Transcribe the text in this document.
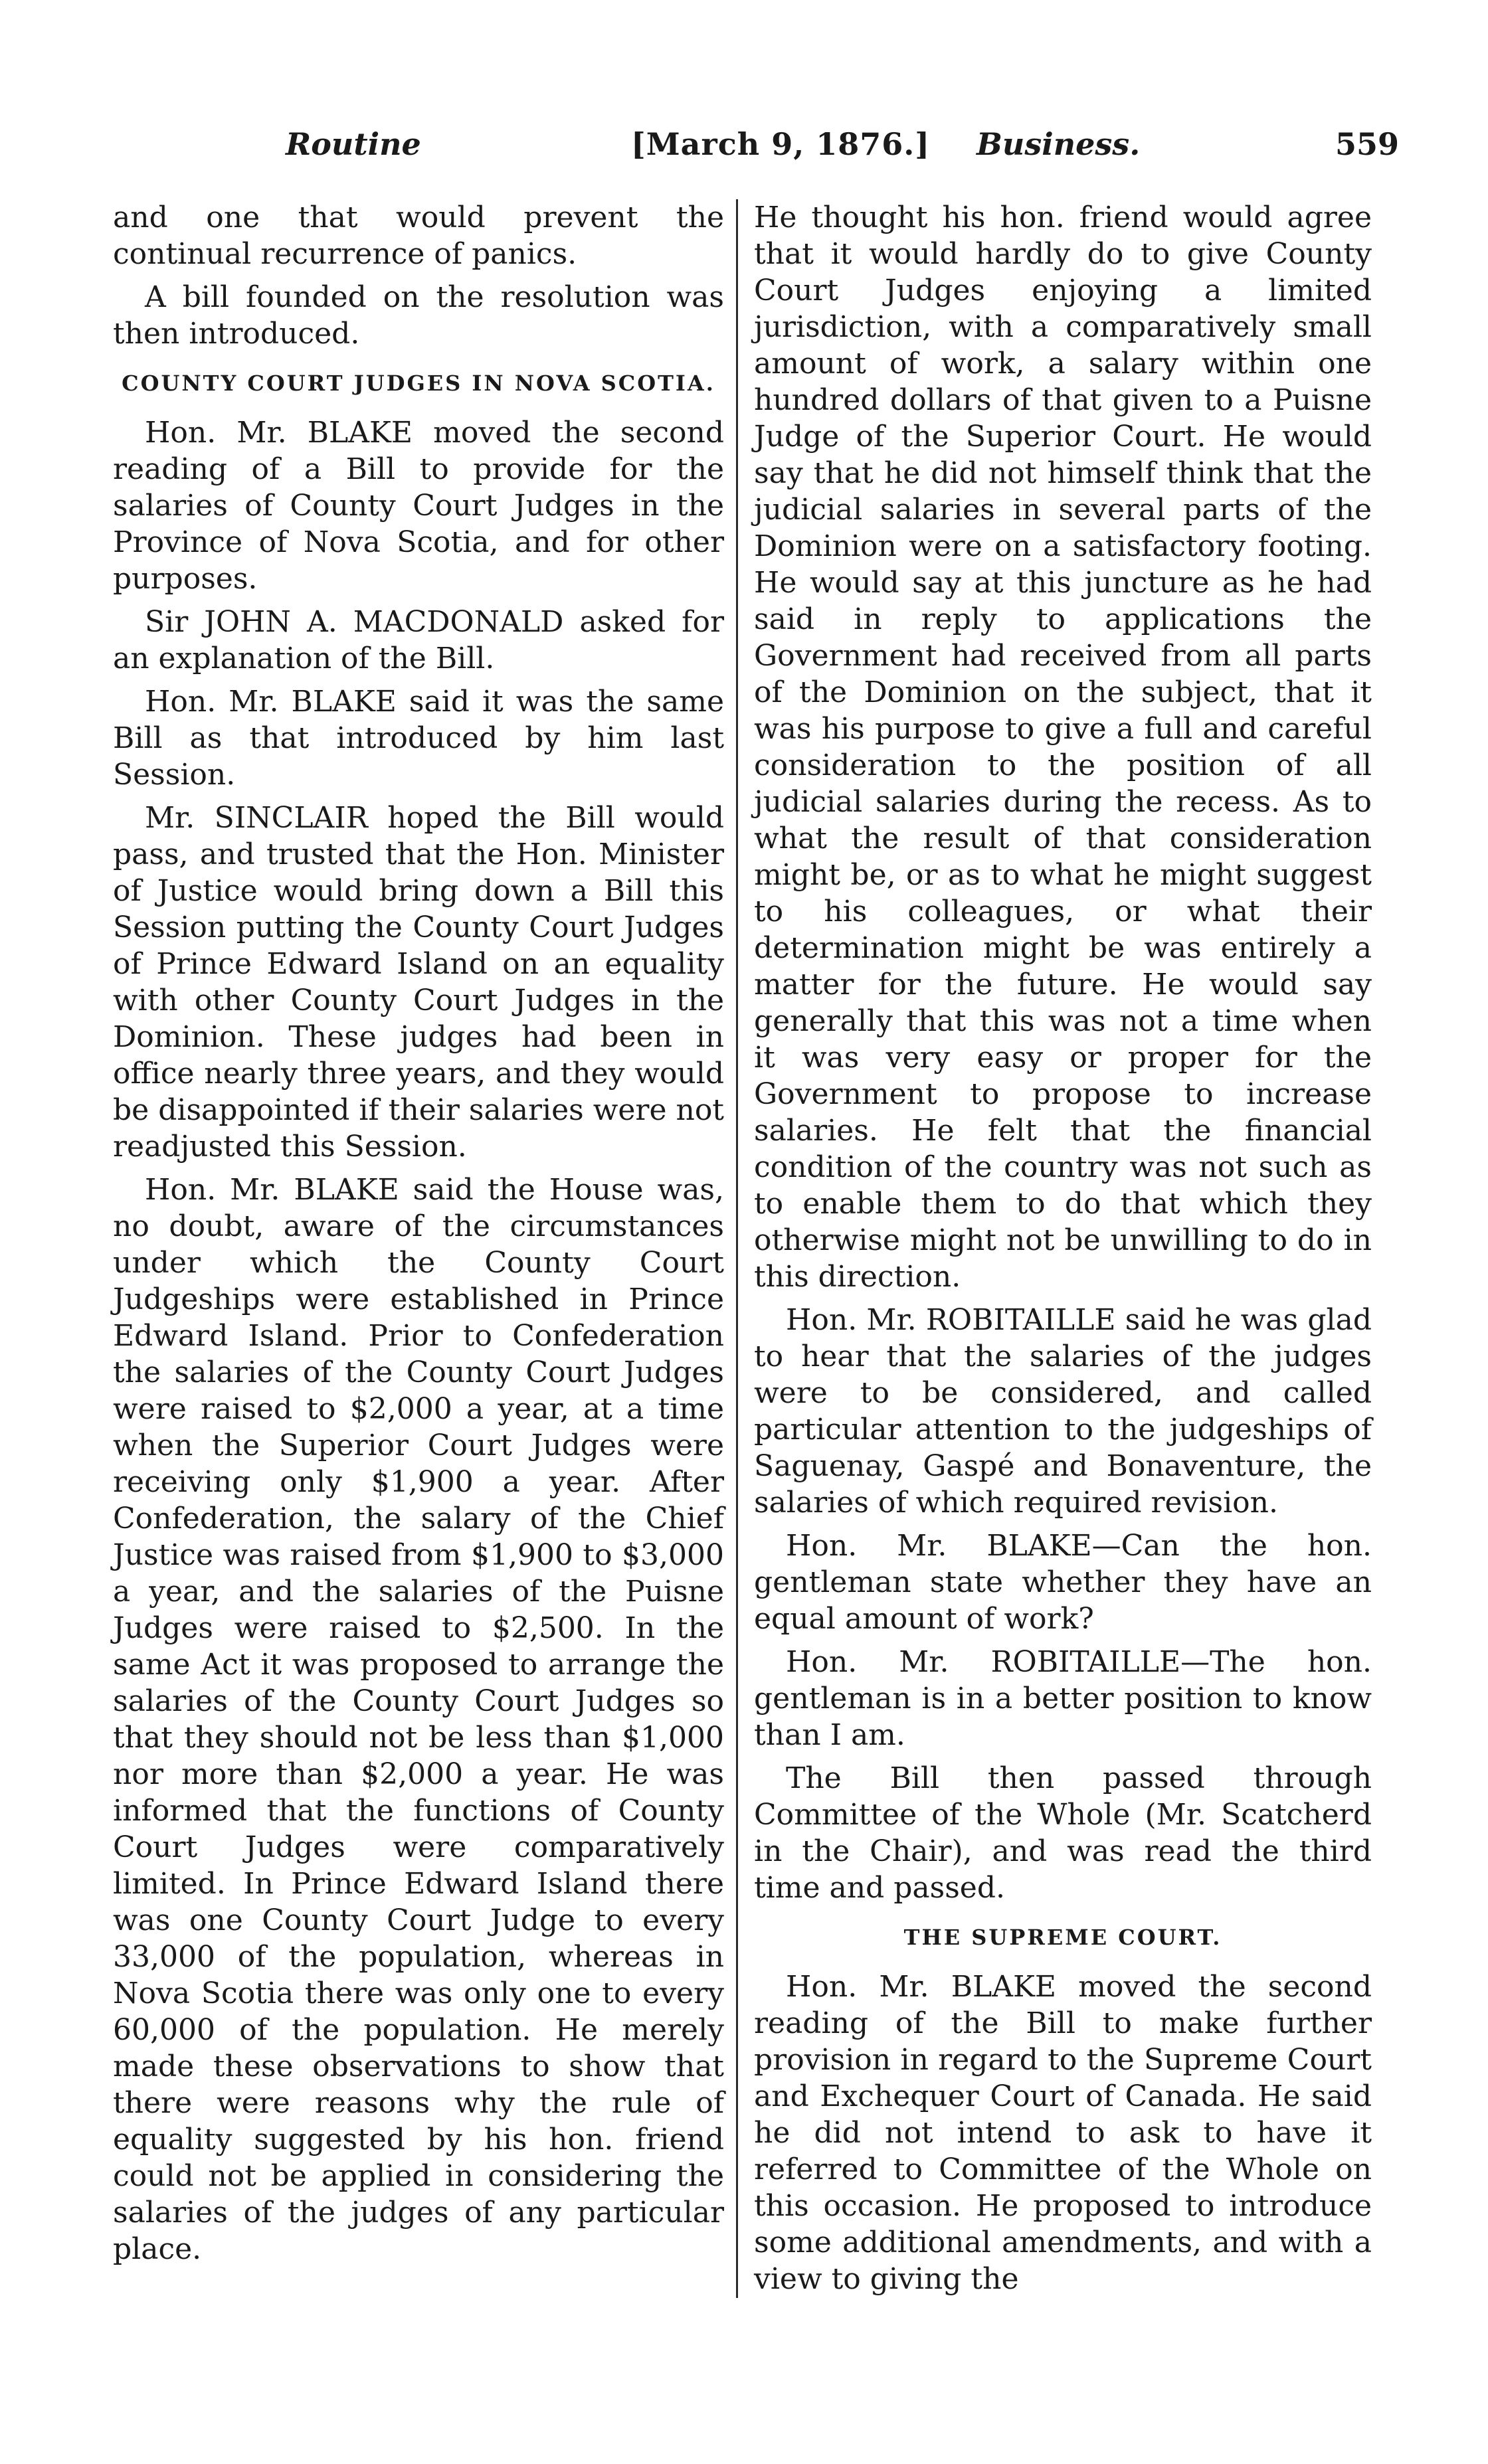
Routine	[March 9, 1876.] Business.	559

and one that would prevent the continual recurrence of panics.

A bill founded on the resolution was then introduced.

COUNTY COURT JUDGES IN NOVA SCOTIA.

Hon. Mr. BLAKE moved the second reading of a Bill to provide for the salaries of County Court Judges in the Province of Nova Scotia, and for other purposes.

Sir JOHN A. MACDONALD asked for an explanation of the Bill.

Hon. Mr. BLAKE said it was the same Bill as that introduced by him last Session.

Mr. SINCLAIR hoped the Bill would pass, and trusted that the Hon. Minister of Justice would bring down a Bill this Session putting the County Court Judges of Prince Edward Island on an equality with other County Court Judges in the Dominion. These judges had been in office nearly three years, and they would be disappointed if their salaries were not readjusted this Session.

Hon. Mr. BLAKE said the House was, no doubt, aware of the circumstances under which the County Court Judgeships were established in Prince Edward Island. Prior to Confederation the salaries of the County Court Judges were raised to $2,000 a year, at a time when the Superior Court Judges were receiving only $1,900 a year. After Confederation, the salary of the Chief Justice was raised from $1,900 to $3,000 a year, and the salaries of the Puisne Judges were raised to $2,500. In the same Act it was proposed to arrange the salaries of the County Court Judges so that they should not be less than $1,000 nor more than $2,000 a year. He was informed that the functions of County Court Judges were comparatively limited. In Prince Edward Island there was one County Court Judge to every 33,000 of the population, whereas in Nova Scotia there was only one to every 60,000 of the population. He merely made these observations to show that there were reasons why the rule of equality suggested by his hon. friend could not be applied in considering the salaries of the judges of any particular place.

He thought his hon. friend would agree that it would hardly do to give County Court Judges enjoying a limited jurisdiction, with a comparatively small amount of work, a salary within one hundred dollars of that given to a Puisne Judge of the Superior Court. He would say that he did not himself think that the judicial salaries in several parts of the Dominion were on a satisfactory footing. He would say at this juncture as he had said in reply to applications the Government had received from all parts of the Dominion on the subject, that it was his purpose to give a full and careful consideration to the position of all judicial salaries during the recess. As to what the result of that consideration might be, or as to what he might suggest to his colleagues, or what their determination might be was entirely a matter for the future. He would say generally that this was not a time when it was very easy or proper for the Government to propose to increase salaries. He felt that the financial condition of the country was not such as to enable them to do that which they otherwise might not be unwilling to do in this direction.

Hon. Mr. ROBITAILLE said he was glad to hear that the salaries of the judges were to be considered, and called particular attention to the judgeships of Saguenay, Gaspé and Bonaventure, the salaries of which required revision.

Hon. Mr. BLAKE—Can the hon. gentleman state whether they have an equal amount of work?

Hon. Mr. ROBITAILLE—The hon. gentleman is in a better position to know than I am.

The Bill then passed through Committee of the Whole (Mr. Scatcherd in the Chair), and was read the third time and passed.

THE SUPREME COURT.

Hon. Mr. BLAKE moved the second reading of the Bill to make further provision in regard to the Supreme Court and Exchequer Court of Canada. He said he did not intend to ask to have it referred to Committee of the Whole on this occasion. He proposed to introduce some additional amendments, and with a view to giving the
